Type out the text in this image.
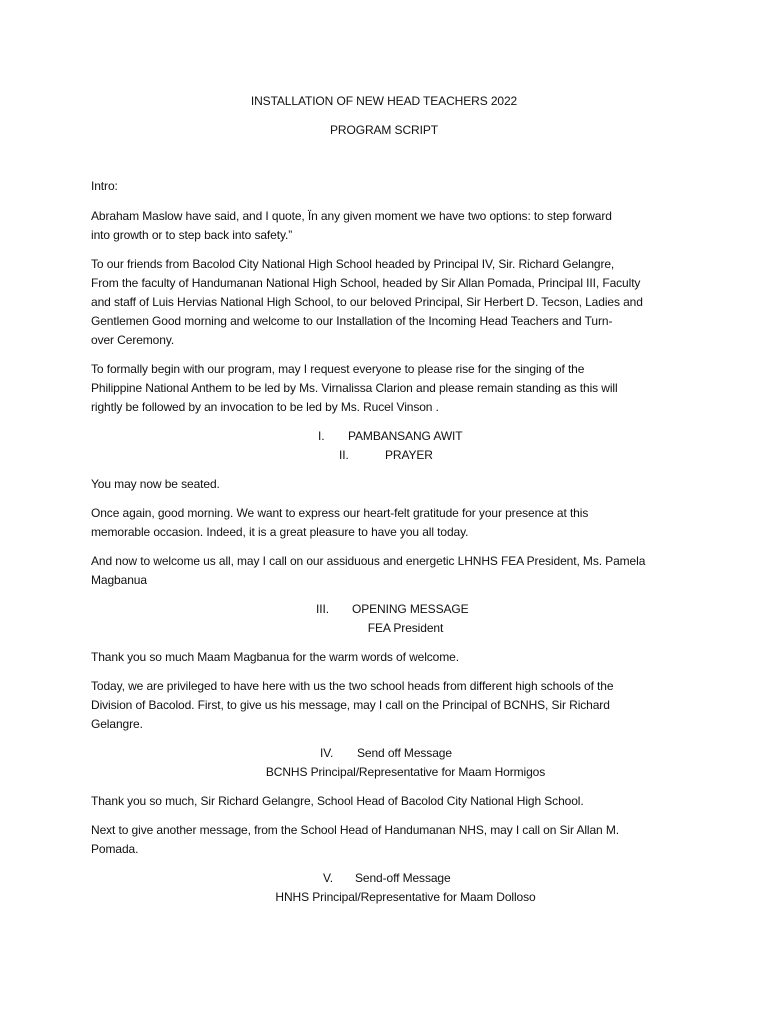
INSTALLATION OF NEW HEAD TEACHERS 2022
PROGRAM SCRIPT
Intro:
Abraham Maslow have said, and I quote, Ïn any given moment we have two options: to step forward
into growth or to step back into safety.”
To our friends from Bacolod City National High School headed by Principal IV, Sir. Richard Gelangre,
From the faculty of Handumanan National High School, headed by Sir Allan Pomada, Principal III, Faculty
and staff of Luis Hervias National High School, to our beloved Principal, Sir Herbert D. Tecson, Ladies and
Gentlemen Good morning and welcome to our Installation of the Incoming Head Teachers and Turn-
over Ceremony.
To formally begin with our program, may I request everyone to please rise for the singing of the
Philippine National Anthem to be led by Ms. Virnalissa Clarion and please remain standing as this will
rightly be followed by an invocation to be led by Ms. Rucel Vinson .
I. PAMBANSANG AWIT
II.	PRAYER
You may now be seated.
Once again, good morning. We want to express our heart-felt gratitude for your presence at this
memorable occasion. Indeed, it is a great pleasure to have you all today.
And now to welcome us all, may I call on our assiduous and energetic LHNHS FEA President, Ms. Pamela
Magbanua
III. OPENING MESSAGE
FEA President
Thank you so much Maam Magbanua for the warm words of welcome.
Today, we are privileged to have here with us the two school heads from different high schools of the
Division of Bacolod. First, to give us his message, may I call on the Principal of BCNHS, Sir Richard
Gelangre.
IV. Send off Message
BCNHS Principal/Representative for Maam Hormigos
Thank you so much, Sir Richard Gelangre, School Head of Bacolod City National High School.
Next to give another message, from the School Head of Handumanan NHS, may I call on Sir Allan M.
Pomada.
V. Send-off Message
HNHS Principal/Representative for Maam Dolloso
